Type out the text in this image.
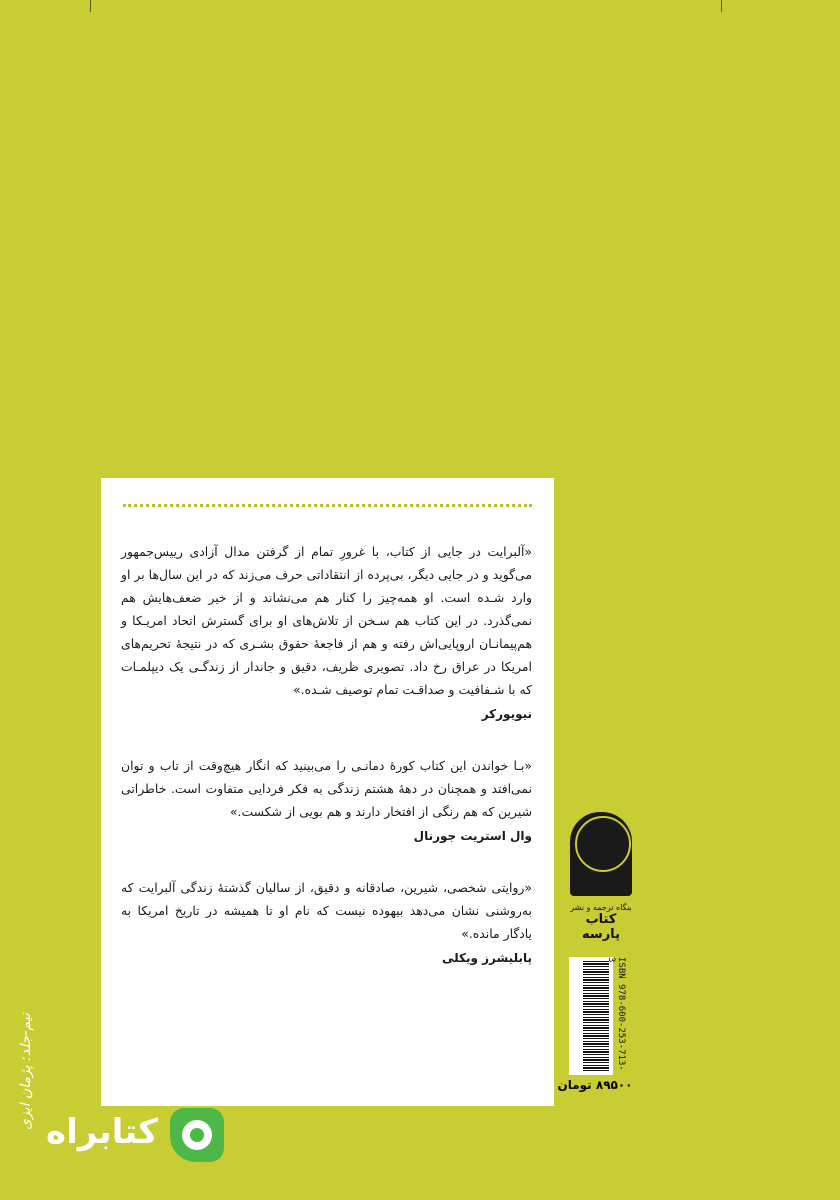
«آلبرایت در جایی از کتاب، با غرورِ تمام از گرفتن مدال آزادی رییس‌جمهور می‌گوید و در جایی دیگر، بی‌پرده از انتقاداتی حرف می‌زند که در این سال‌ها بر او وارد شـده است. او همه‌چیز را کنار هم می‌نشاند و از خیر ضعف‌هایش هم نمی‌گذرد. در این کتاب هم سـخن از تلاش‌های او برای گسترش اتحاد امریـکا و هم‌پیمانـان اروپایی‌اش رفته و هم از فاجعهٔ حقوق بشـری که در نتیجهٔ تحریم‌های امریکا در عراق رخ داد. تصویری ظریف، دقیق و جاندار از زندگـی یک دیپلمـات که با شـفافیت و صداقـت تمام توصیف شـده.»
نیویورکر
«بـا خواندن این کتاب کورهٔ دمانـی را می‌بینید که انگار هیچ‌وقت از تاب و توان نمی‌افتد و همچنان در دههٔ هشتم زندگی به فکر فردایی متفاوت است. خاطراتی شیرین که هم رنگی از افتخار دارند و هم بویی از شکست.»
وال استریت جورنال
«روایتی شخصی، شیرین، صادقانه و دقیق، از سالیان گذشتهٔ زندگی آلبرایت که به‌روشنی نشان می‌دهد بیهوده نیست که نام او تا همیشه در تاریخ امریکا به یادگار مانده.»
پابلیشرز ویکلی
بنگاه ترجمه و نشر
کتاب پارسه
ISBN 978-600-253-713-3
۸۹۵۰۰ تومان
تیم-جلد: پژمان‌ ایزی
کتابراه
